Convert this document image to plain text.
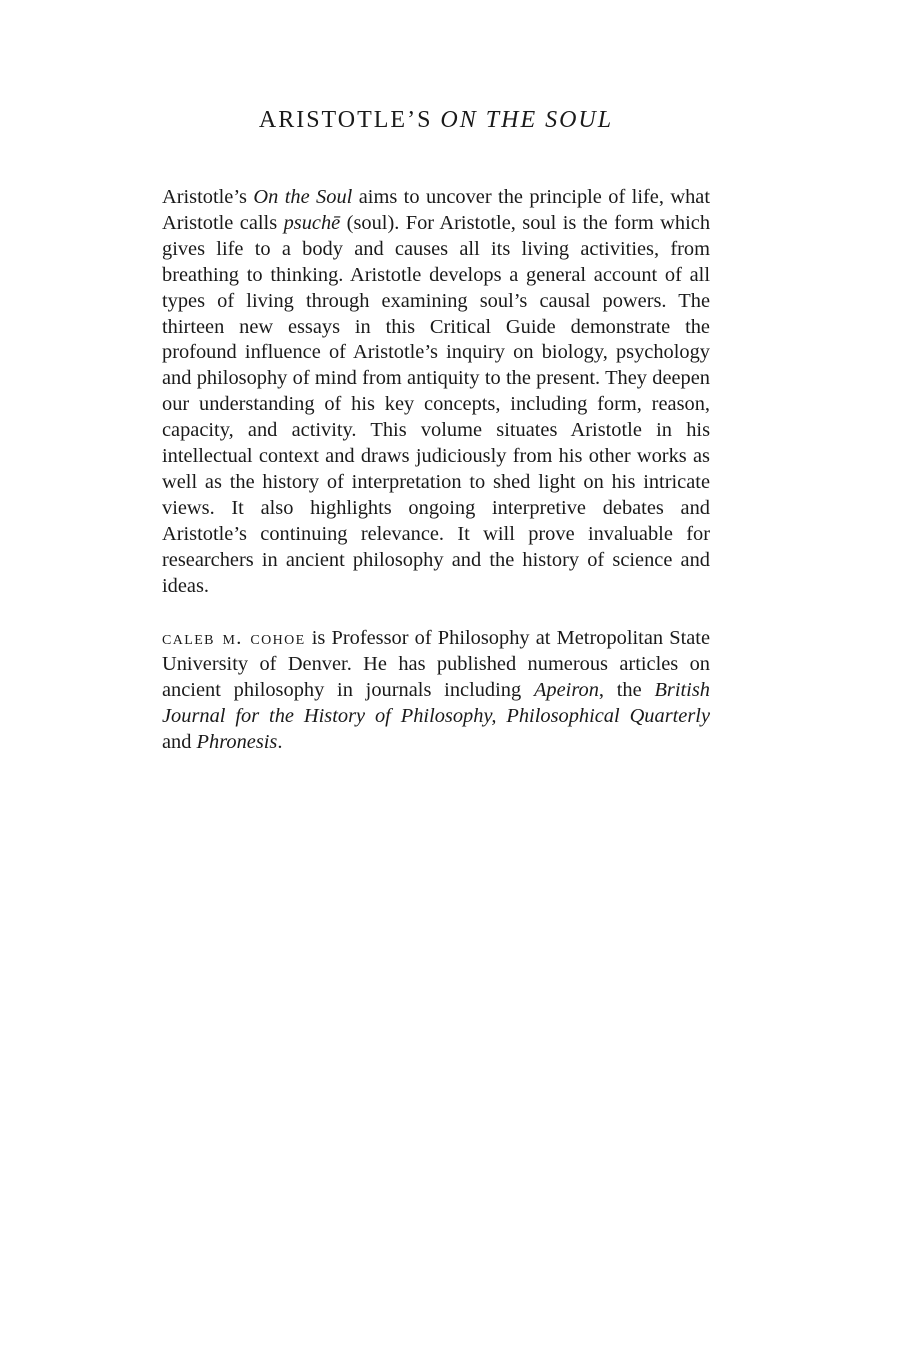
ARISTOTLE’S ON THE SOUL

Aristotle’s On the Soul aims to uncover the principle of life, what Aristotle calls psuchē (soul). For Aristotle, soul is the form which gives life to a body and causes all its living activities, from breathing to thinking. Aristotle develops a general account of all types of living through examining soul’s causal powers. The thirteen new essays in this Critical Guide demonstrate the profound influence of Aristotle’s inquiry on biology, psychology and philosophy of mind from antiquity to the present. They deepen our understanding of his key concepts, including form, reason, capacity, and activity. This volume situates Aristotle in his intellectual context and draws judiciously from his other works as well as the history of interpretation to shed light on his intricate views. It also highlights ongoing interpretive debates and Aristotle’s continuing relevance. It will prove invaluable for researchers in ancient philosophy and the history of science and ideas.

caleb m. cohoe is Professor of Philosophy at Metropolitan State University of Denver. He has published numerous articles on ancient philosophy in journals including Apeiron, the British Journal for the History of Philosophy, Philosophical Quarterly and Phronesis.
